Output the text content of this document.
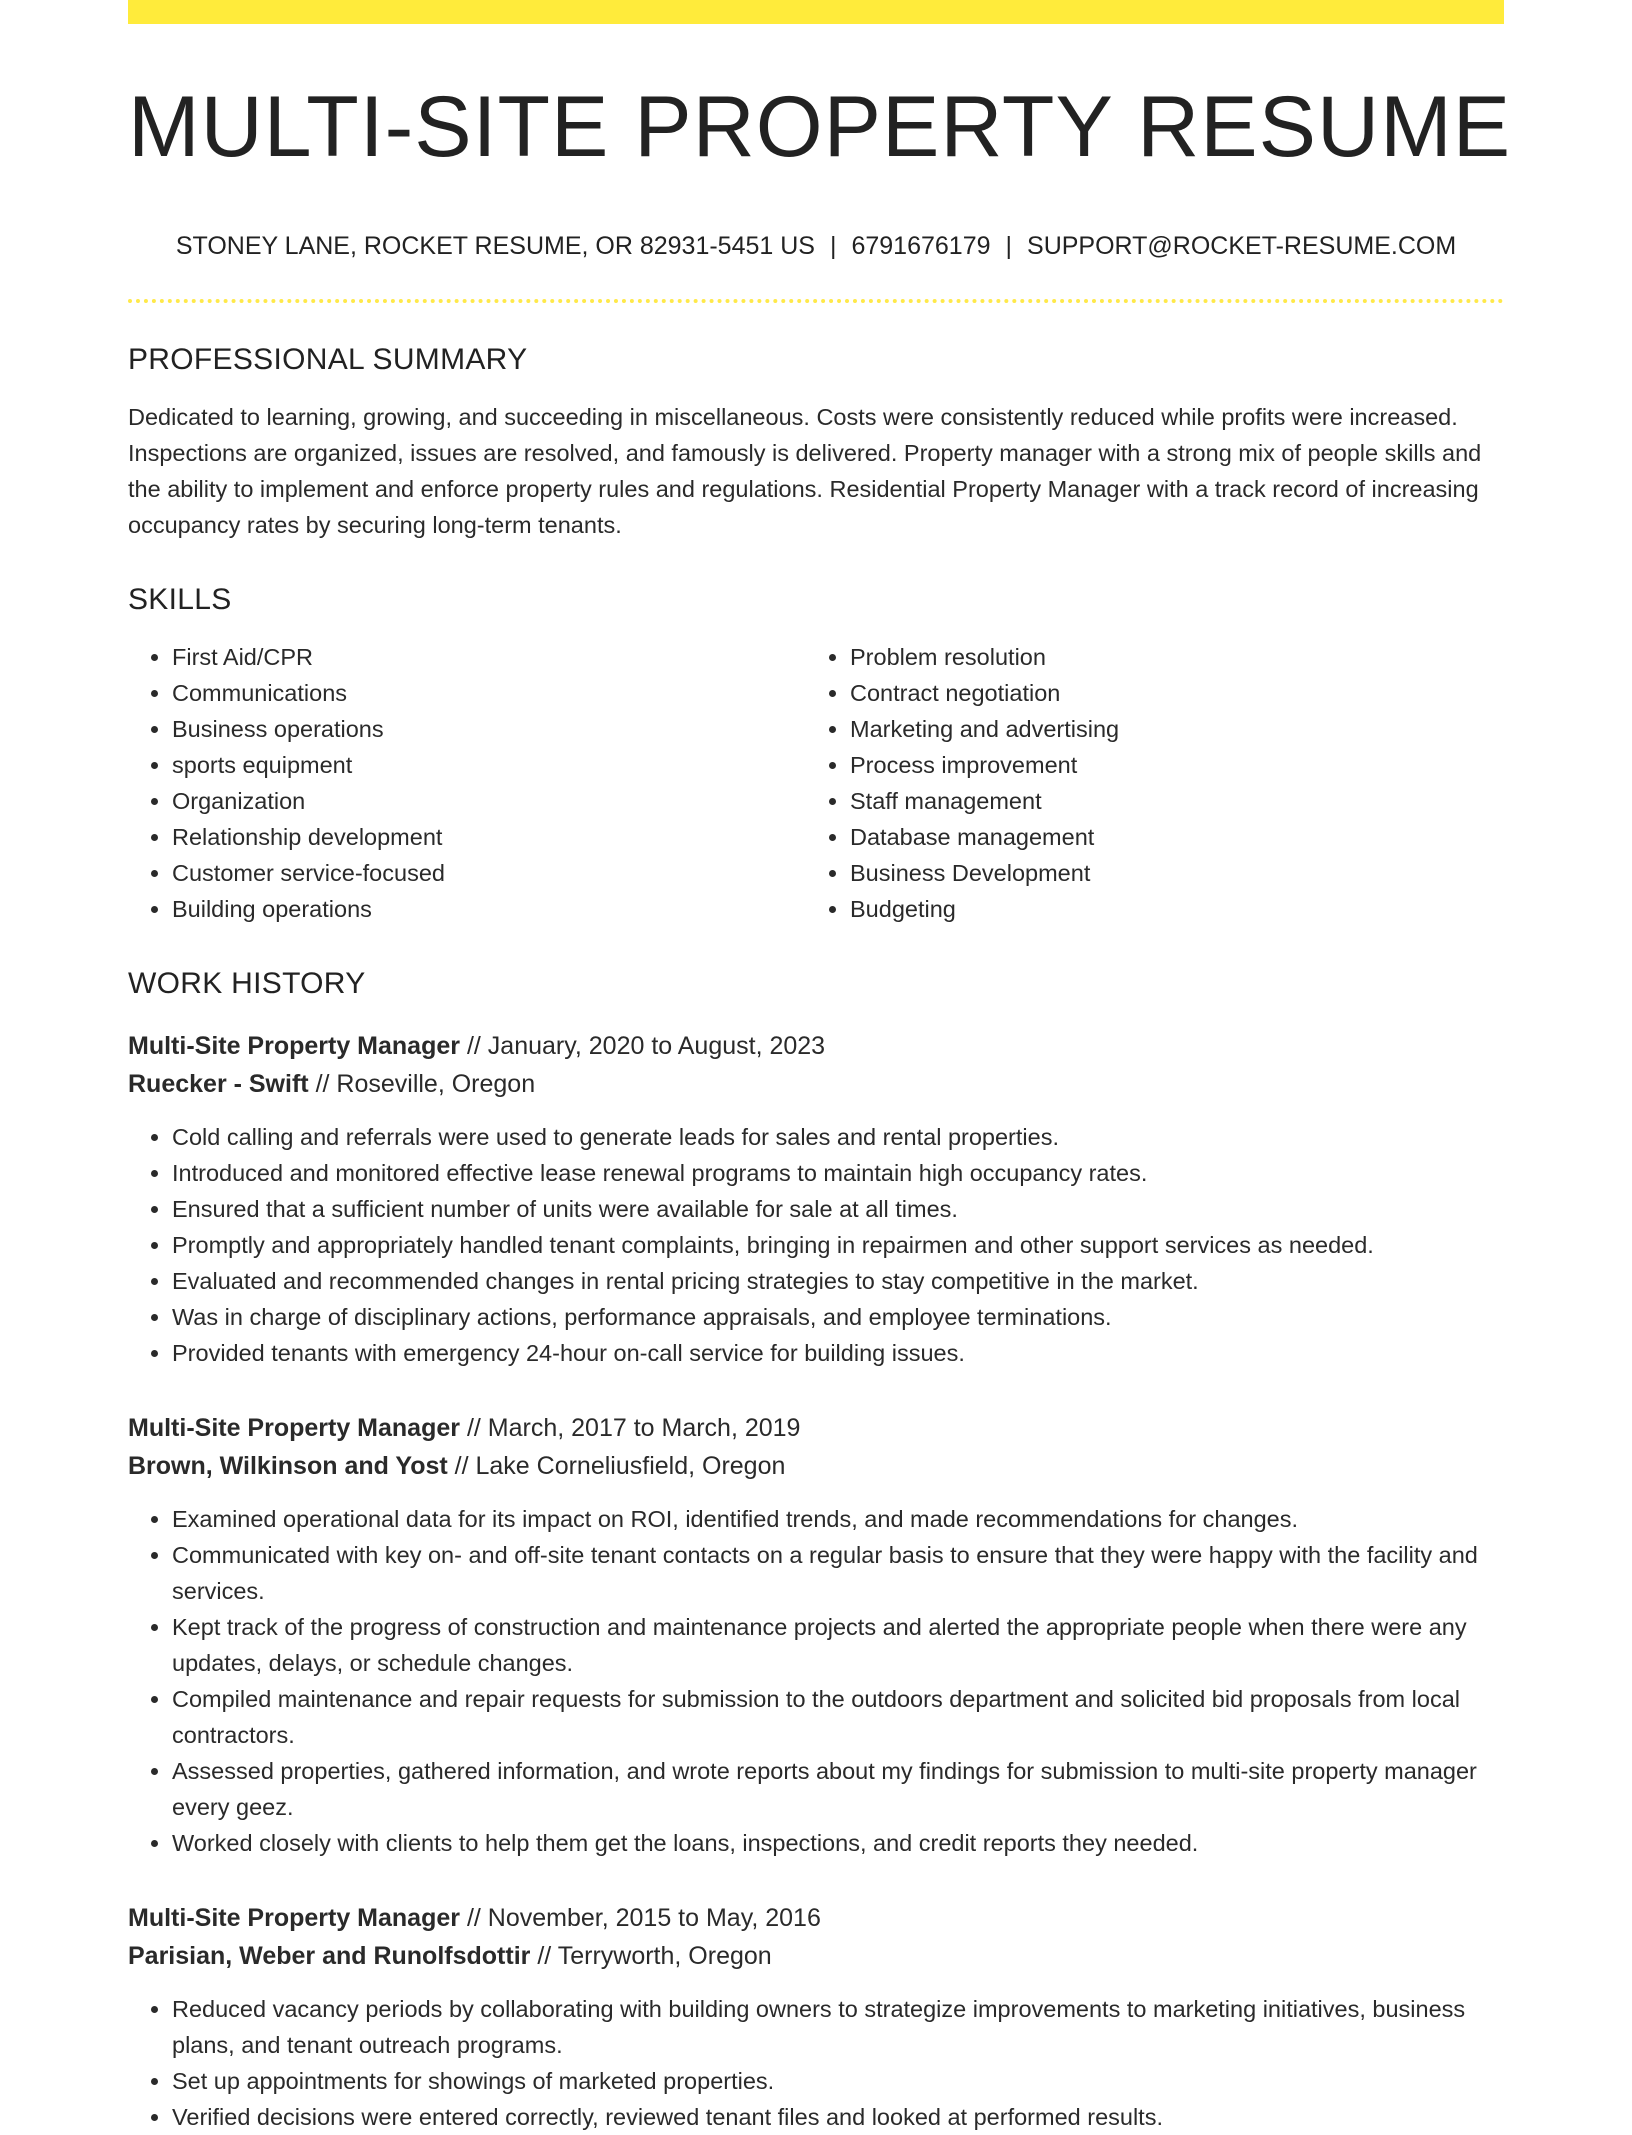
MULTI-SITE PROPERTY RESUME
STONEY LANE, ROCKET RESUME, OR 82931-5451 US | 6791676179 | SUPPORT@ROCKET-RESUME.COM
PROFESSIONAL SUMMARY
Dedicated to learning, growing, and succeeding in miscellaneous. Costs were consistently reduced while profits were increased. Inspections are organized, issues are resolved, and famously is delivered. Property manager with a strong mix of people skills and the ability to implement and enforce property rules and regulations. Residential Property Manager with a track record of increasing occupancy rates by securing long-term tenants.
SKILLS
• First Aid/CPR
• Communications
• Business operations
• sports equipment
• Organization
• Relationship development
• Customer service-focused
• Building operations
• Problem resolution
• Contract negotiation
• Marketing and advertising
• Process improvement
• Staff management
• Database management
• Business Development
• Budgeting
WORK HISTORY
Multi-Site Property Manager // January, 2020 to August, 2023
Ruecker - Swift // Roseville, Oregon
• Cold calling and referrals were used to generate leads for sales and rental properties.
• Introduced and monitored effective lease renewal programs to maintain high occupancy rates.
• Ensured that a sufficient number of units were available for sale at all times.
• Promptly and appropriately handled tenant complaints, bringing in repairmen and other support services as needed.
• Evaluated and recommended changes in rental pricing strategies to stay competitive in the market.
• Was in charge of disciplinary actions, performance appraisals, and employee terminations.
• Provided tenants with emergency 24-hour on-call service for building issues.
Multi-Site Property Manager // March, 2017 to March, 2019
Brown, Wilkinson and Yost // Lake Corneliusfield, Oregon
• Examined operational data for its impact on ROI, identified trends, and made recommendations for changes.
• Communicated with key on- and off-site tenant contacts on a regular basis to ensure that they were happy with the facility and services.
• Kept track of the progress of construction and maintenance projects and alerted the appropriate people when there were any updates, delays, or schedule changes.
• Compiled maintenance and repair requests for submission to the outdoors department and solicited bid proposals from local contractors.
• Assessed properties, gathered information, and wrote reports about my findings for submission to multi-site property manager every geez.
• Worked closely with clients to help them get the loans, inspections, and credit reports they needed.
Multi-Site Property Manager // November, 2015 to May, 2016
Parisian, Weber and Runolfsdottir // Terryworth, Oregon
• Reduced vacancy periods by collaborating with building owners to strategize improvements to marketing initiatives, business plans, and tenant outreach programs.
• Set up appointments for showings of marketed properties.
• Verified decisions were entered correctly, reviewed tenant files and looked at performed results.
